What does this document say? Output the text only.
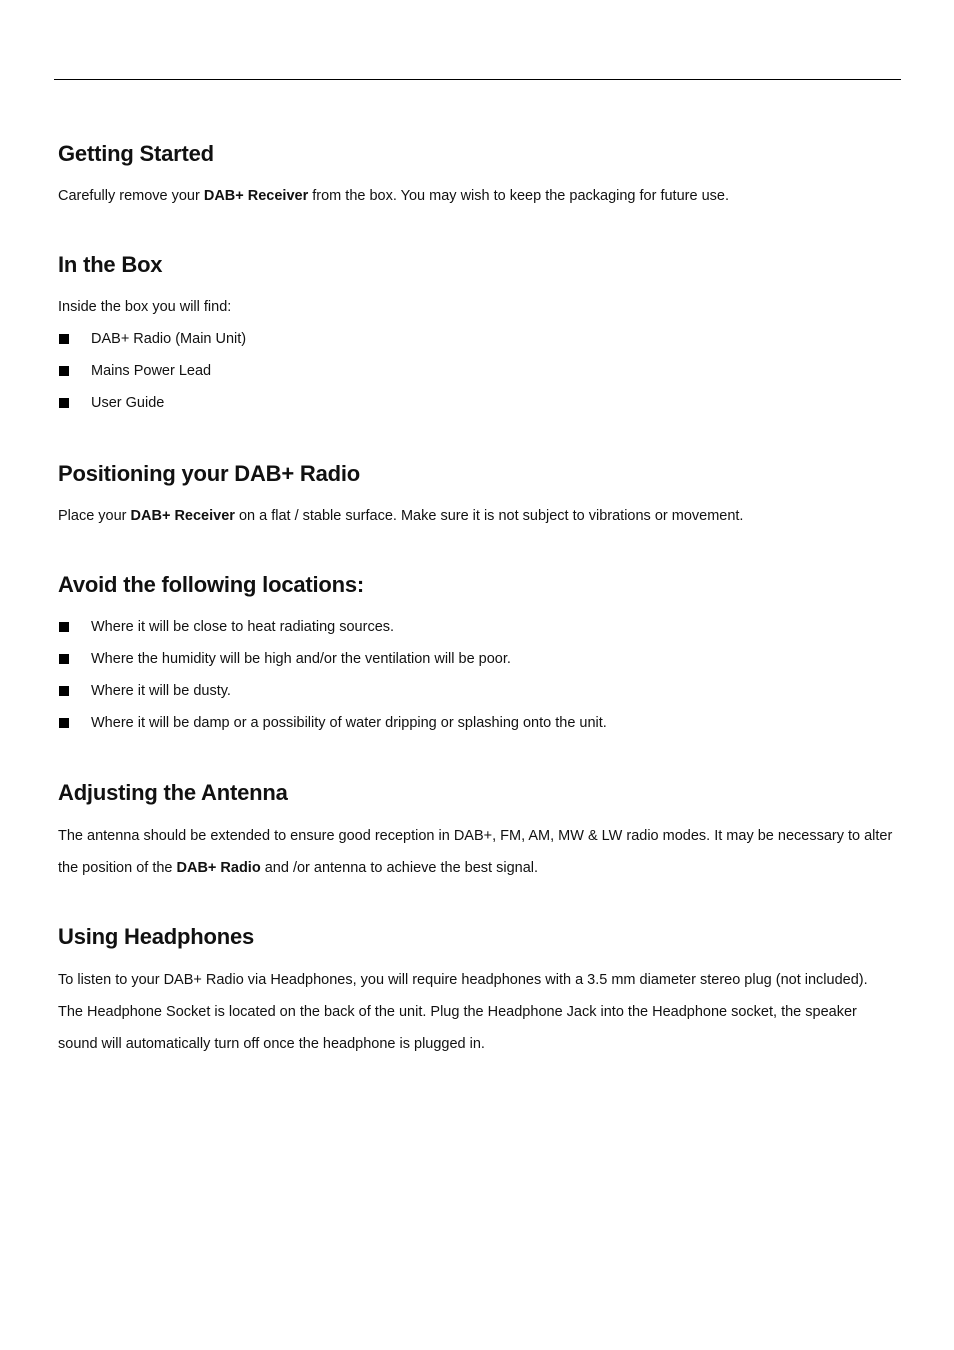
Getting Started

Carefully remove your DAB+ Receiver from the box. You may wish to keep the packaging for future use.

In the Box

Inside the box you will find:

DAB+ Radio (Main Unit)
Mains Power Lead
User Guide
Positioning your DAB+ Radio

Place your DAB+ Receiver on a flat / stable surface. Make sure it is not subject to vibrations or movement.

Avoid the following locations:
Where it will be close to heat radiating sources.
Where the humidity will be high and/or the ventilation will be poor.
Where it will be dusty.
Where it will be damp or a possibility of water dripping or splashing onto the unit.
Adjusting the Antenna

The antenna should be extended to ensure good reception in DAB+, FM, AM, MW & LW radio modes. It may be necessary to alter the position of the DAB+ Radio and /or antenna to achieve the best signal.

Using Headphones

To listen to your DAB+ Radio via Headphones, you will require headphones with a 3.5 mm diameter stereo plug (not included). The Headphone Socket is located on the back of the unit. Plug the Headphone Jack into the Headphone socket, the speaker sound will automatically turn off once the headphone is plugged in.
